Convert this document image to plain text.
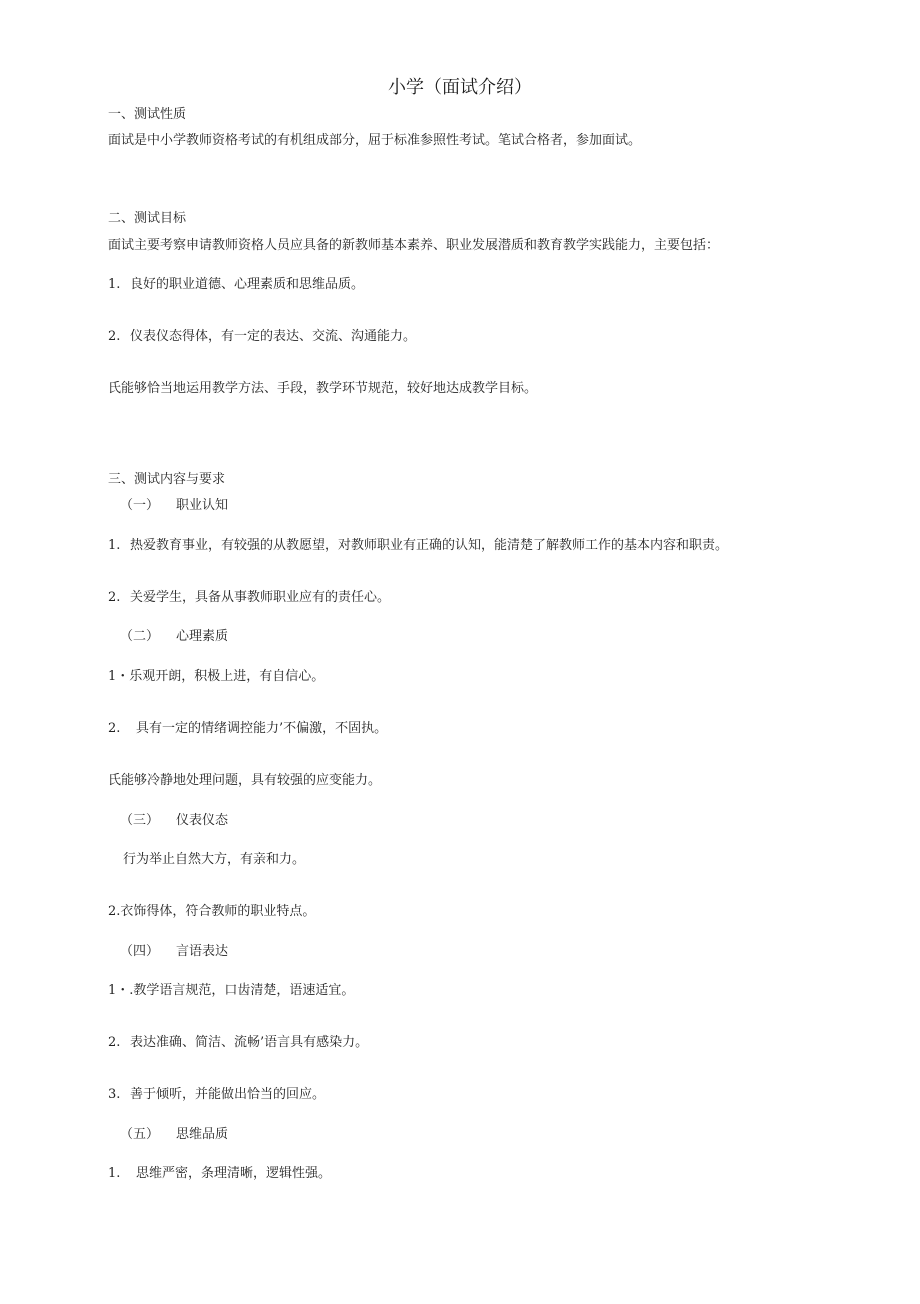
小学（面试介绍）
一、测试性质
面试是中小学教师资格考试的有机组成部分，屈于标准参照性考试。笔试合格者，参加面试。
二、测试目标
面试主要考察申请教师资格人员应具备的新教师基本素养、职业发展潜质和教育教学实践能力，主要包括：
1. 良好的职业道德、心理素质和思维品质。
2. 仪表仪态得体，有一定的表达、交流、沟通能力。
氏能够恰当地运用教学方法、手段，教学环节规范，较好地达成教学目标。
三、测试内容与要求
（一） 职业认知
1. 热爱教育事业，有较强的从教愿望，对教师职业有正确的认知，能清楚了解教师工作的基本内容和职责。
2. 关爱学生，具备从事教师职业应有的责任心。
（二） 心理素质
1・乐观开朗，积极上进，有自信心。
2. 具有一定的情绪调控能力’不偏激，不固执。
氏能够冷静地处理问题，具有较强的应变能力。
（三） 仪表仪态
行为举止自然大方，有亲和力。
2.衣饰得体，符合教师的职业特点。
（四） 言语表达
1・.教学语言规范，口齿清楚，语速适宜。
2. 表达准确、简洁、流畅’语言具有感染力。
3. 善于倾听，并能做出恰当的回应。
（五） 思维品质
1. 思维严密，条理清晰，逻辑性强。
